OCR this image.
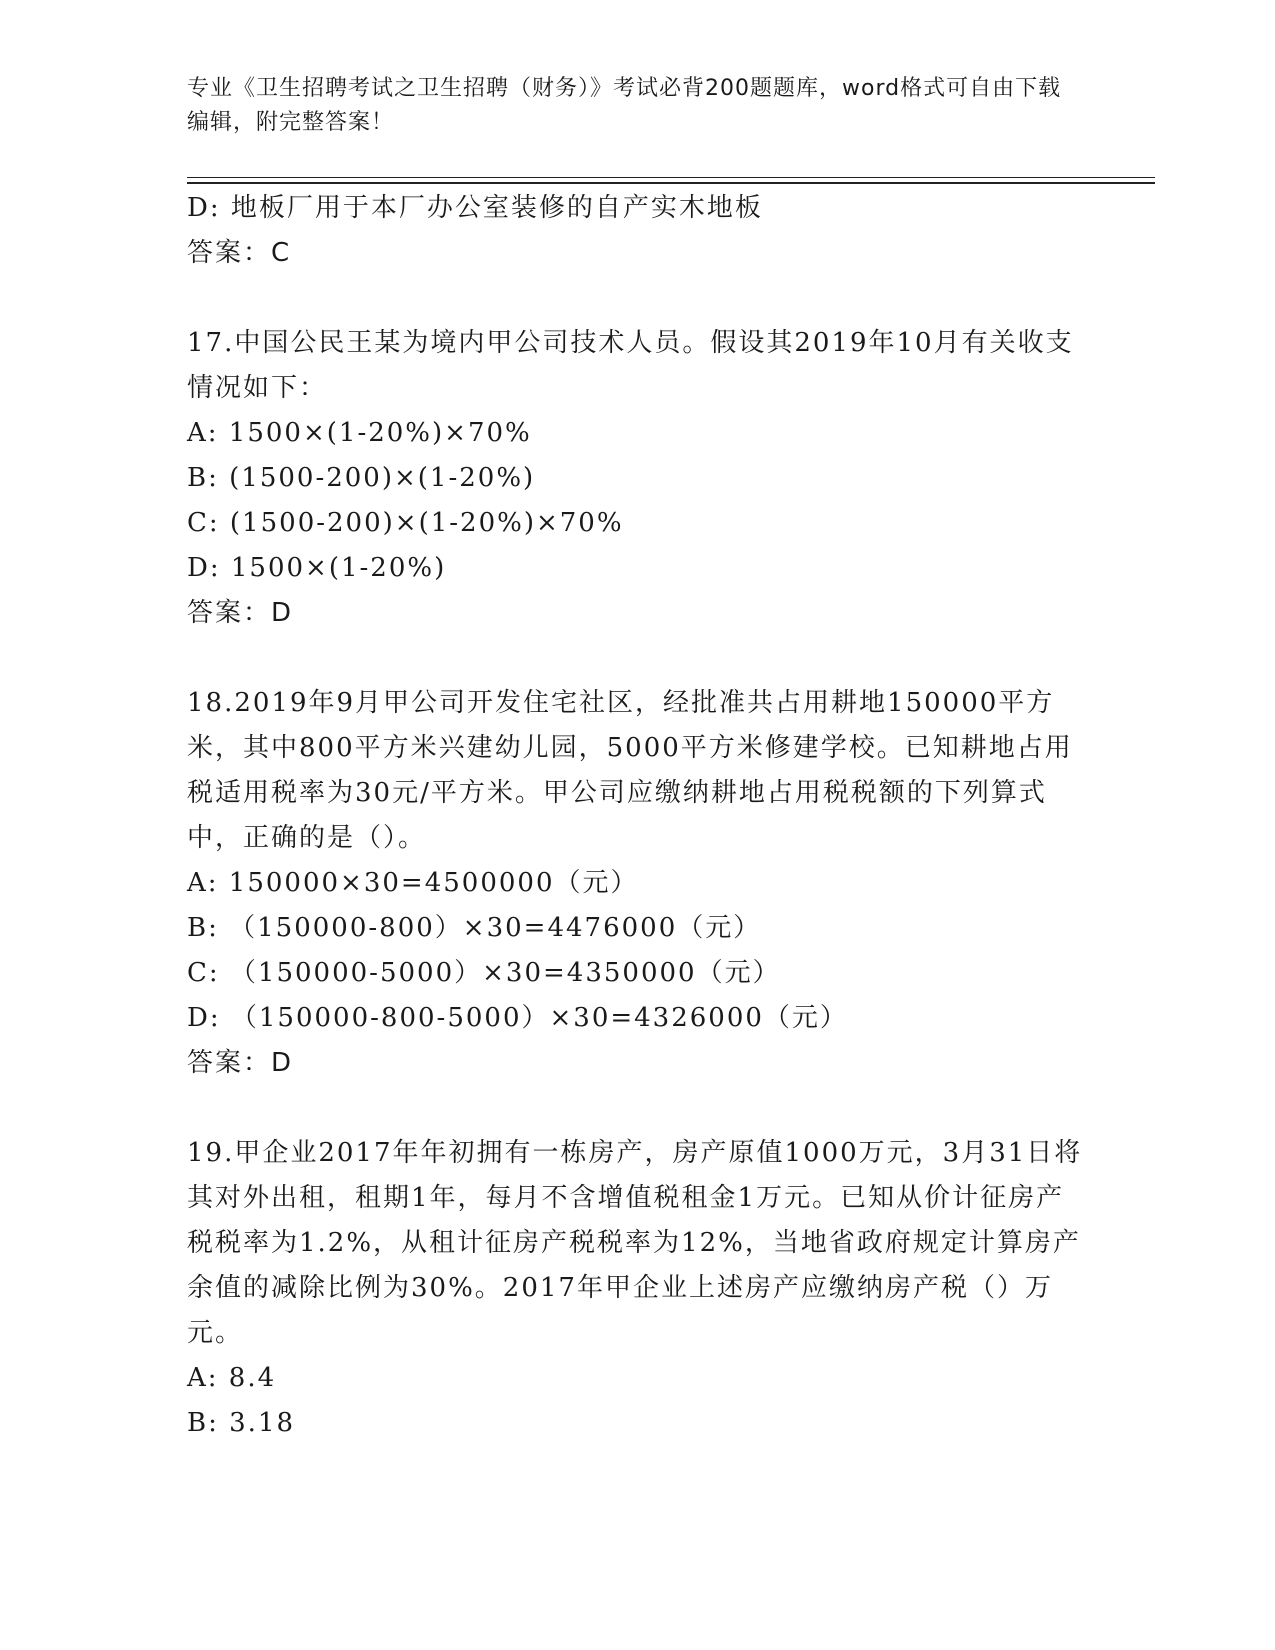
专业《卫生招聘考试之卫生招聘（财务）》考试必背200题题库，word格式可自由下载编辑，附完整答案！

D: 地板厂用于本厂办公室装修的自产实木地板

答案：C

17.中国公民王某为境内甲公司技术人员。假设其2019年10月有关收支情况如下：

A: 1500×(1-20%)×70%

B: (1500-200)×(1-20%)

C: (1500-200)×(1-20%)×70%

D: 1500×(1-20%)

答案：D

18.2019年9月甲公司开发住宅社区，经批准共占用耕地150000平方米，其中800平方米兴建幼儿园，5000平方米修建学校。已知耕地占用税适用税率为30元/平方米。甲公司应缴纳耕地占用税税额的下列算式中，正确的是（）。

A: 150000×30=4500000（元）

B: （150000-800）×30=4476000（元）

C: （150000-5000）×30=4350000（元）

D: （150000-800-5000）×30=4326000（元）

答案：D

19.甲企业2017年年初拥有一栋房产，房产原值1000万元，3月31日将其对外出租，租期1年，每月不含增值税租金1万元。已知从价计征房产税税率为1.2%，从租计征房产税税率为12%，当地省政府规定计算房产余值的减除比例为30%。2017年甲企业上述房产应缴纳房产税（）万元。

A: 8.4

B: 3.18
